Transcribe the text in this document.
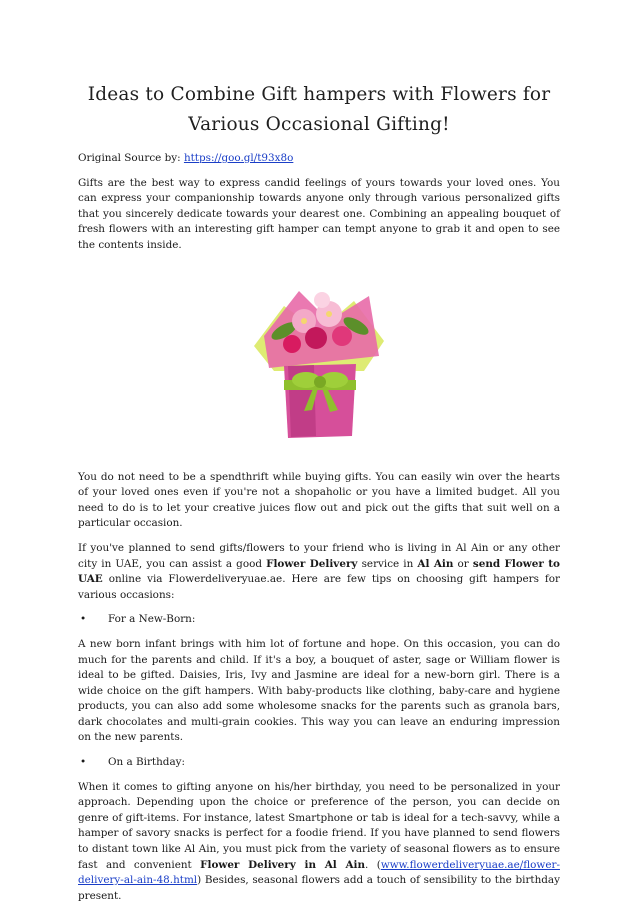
Ideas to Combine Gift hampers with Flowers for
Various Occasional Gifting!

Original Source by: https://goo.gl/t93x8o

Gifts are the best way to express candid feelings of yours towards your loved ones. You can express your companionship towards anyone only through various personalized gifts that you sincerely dedicate towards your dearest one. Combining an appealing bouquet of fresh flowers with an interesting gift hamper can tempt anyone to grab it and open to see the contents inside.

You do not need to be a spendthrift while buying gifts. You can easily win over the hearts of your loved ones even if you're not a shopaholic or you have a limited budget. All you need to do is to let your creative juices flow out and pick out the gifts that suit well on a particular occasion.

If you've planned to send gifts/flowers to your friend who is living in Al Ain or any other city in UAE, you can assist a good Flower Delivery service in Al Ain or send Flower to UAE online via Flowerdeliveryuae.ae. Here are few tips on choosing gift hampers for various occasions:

•	For a New-Born:

A new born infant brings with him lot of fortune and hope. On this occasion, you can do much for the parents and child. If it's a boy, a bouquet of aster, sage or William flower is ideal to be gifted. Daisies, Iris, Ivy and Jasmine are ideal for a new-born girl. There is a wide choice on the gift hampers. With baby-products like clothing, baby-care and hygiene products, you can also add some wholesome snacks for the parents such as granola bars, dark chocolates and multi-grain cookies. This way you can leave an enduring impression on the new parents.

•	On a Birthday:

When it comes to gifting anyone on his/her birthday, you need to be personalized in your approach. Depending upon the choice or preference of the person, you can decide on genre of gift-items. For instance, latest Smartphone or tab is ideal for a tech-savvy, while a hamper of savory snacks is perfect for a foodie friend. If you have planned to send flowers to distant town like Al Ain, you must pick from the variety of seasonal flowers as to ensure fast and convenient Flower Delivery in Al Ain. (www.flowerdeliveryuae.ae/flower-delivery-al-ain-48.html) Besides, seasonal flowers add a touch of sensibility to the birthday present.
